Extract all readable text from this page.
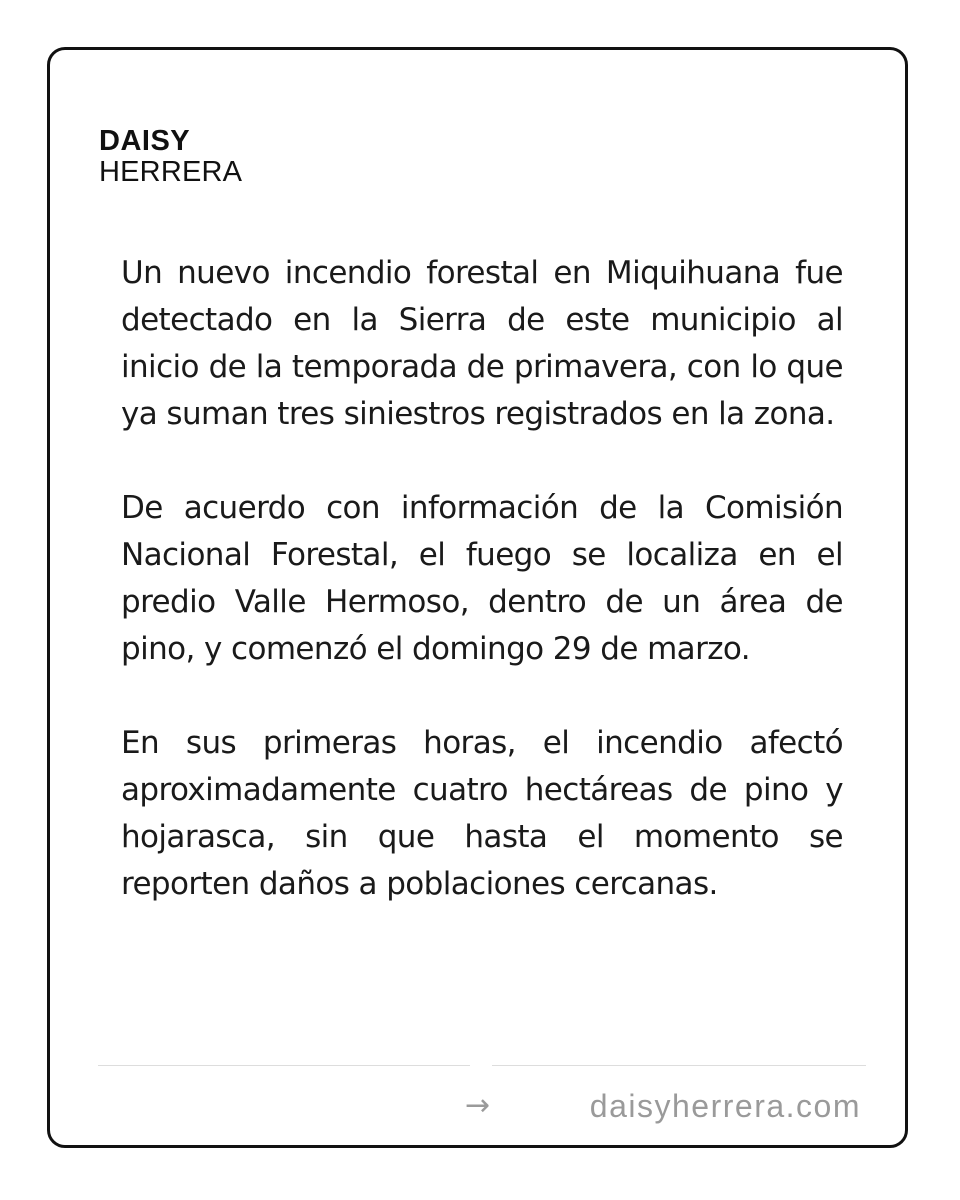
DAISY
HERRERA

Un nuevo incendio forestal en Miquihuana fue detectado en la Sierra de este municipio al inicio de la temporada de primavera, con lo que ya suman tres siniestros registrados en la zona.

De acuerdo con información de la Comisión Nacional Forestal, el fuego se localiza en el predio Valle Hermoso, dentro de un área de pino, y comenzó el domingo 29 de marzo.

En sus primeras horas, el incendio afectó aproximadamente cuatro hectáreas de pino y hojarasca, sin que hasta el momento se reporten daños a poblaciones cercanas.

→	daisyherrera.com
